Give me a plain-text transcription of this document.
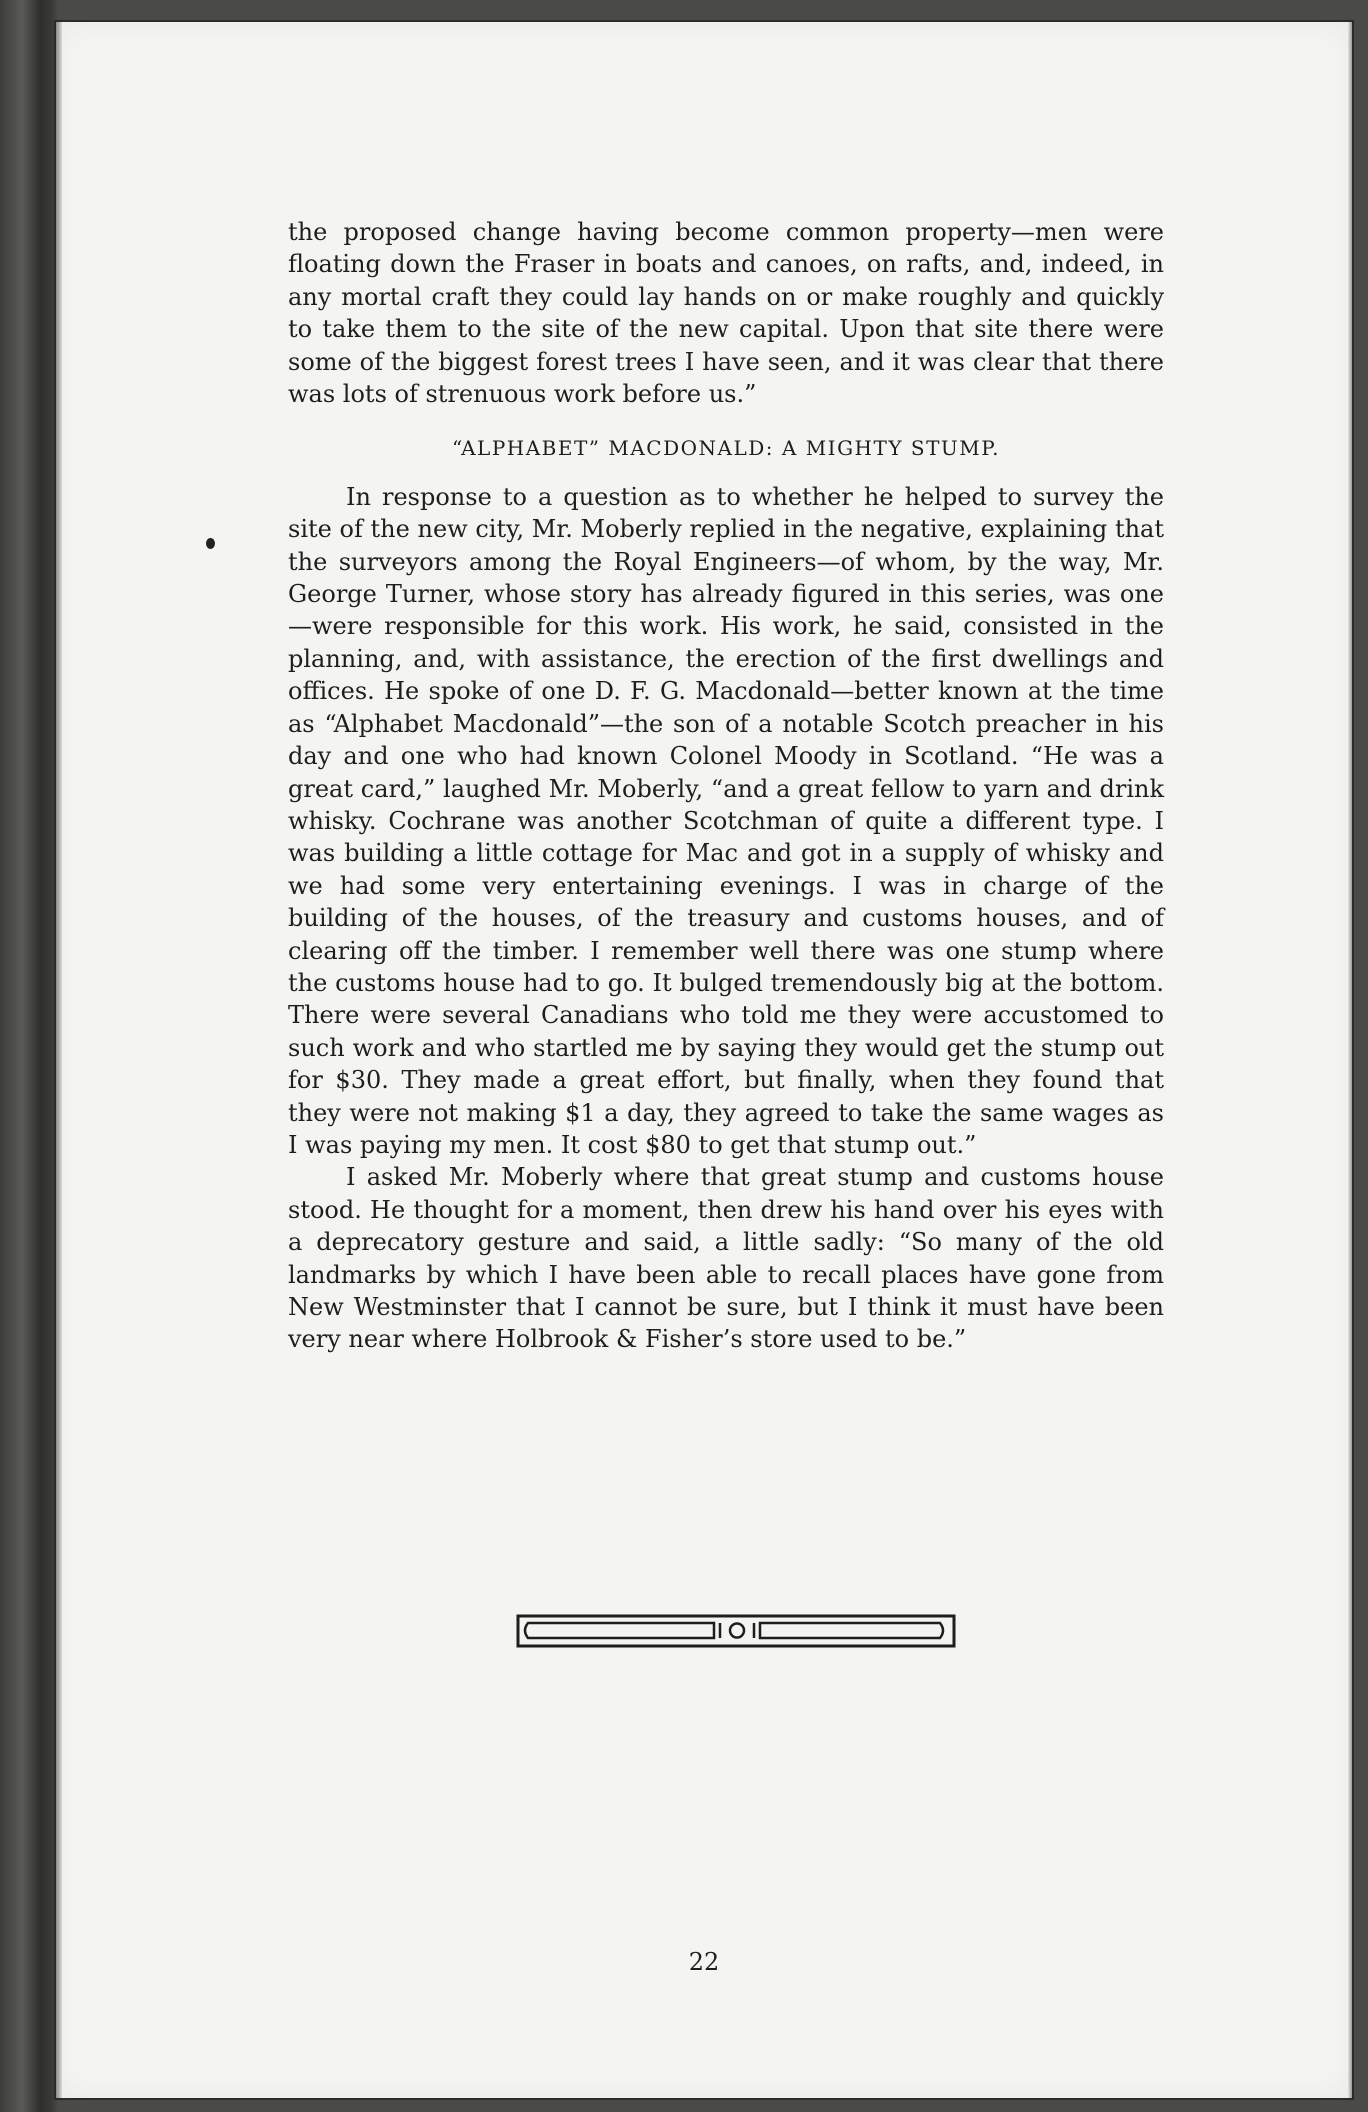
the proposed change having become common property—men were floating down the Fraser in boats and canoes, on rafts, and, indeed, in any mortal craft they could lay hands on or make roughly and quickly to take them to the site of the new capital. Upon that site there were some of the biggest forest trees I have seen, and it was clear that there was lots of strenuous work before us.”

“ALPHABET” MACDONALD: A MIGHTY STUMP.

In response to a question as to whether he helped to survey the site of the new city, Mr. Moberly replied in the negative, explaining that the surveyors among the Royal Engineers—of whom, by the way, Mr. George Turner, whose story has already figured in this series, was one—were responsible for this work. His work, he said, consisted in the planning, and, with assistance, the erection of the first dwellings and offices. He spoke of one D. F. G. Macdonald—better known at the time as “Alphabet Macdonald”—the son of a notable Scotch preacher in his day and one who had known Colonel Moody in Scotland. “He was a great card,” laughed Mr. Moberly, “and a great fellow to yarn and drink whisky. Cochrane was another Scotchman of quite a different type. I was building a little cottage for Mac and got in a supply of whisky and we had some very entertaining evenings. I was in charge of the building of the houses, of the treasury and customs houses, and of clearing off the timber. I remember well there was one stump where the customs house had to go. It bulged tremendously big at the bottom. There were several Canadians who told me they were accustomed to such work and who startled me by saying they would get the stump out for $30. They made a great effort, but finally, when they found that they were not making $1 a day, they agreed to take the same wages as I was paying my men. It cost $80 to get that stump out.”

I asked Mr. Moberly where that great stump and customs house stood. He thought for a moment, then drew his hand over his eyes with a deprecatory gesture and said, a little sadly: “So many of the old landmarks by which I have been able to recall places have gone from New Westminster that I cannot be sure, but I think it must have been very near where Holbrook & Fisher’s store used to be.”

22
